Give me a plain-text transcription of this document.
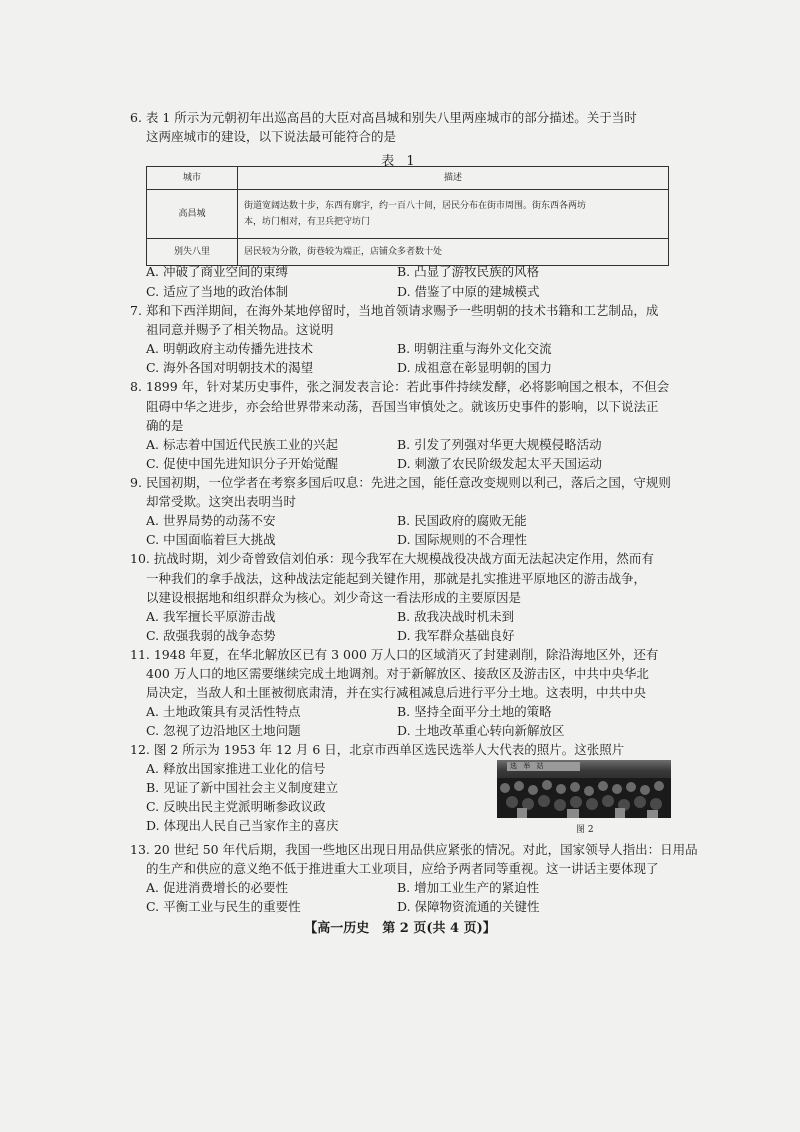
6. 表 1 所示为元朝初年出巡高昌的大臣对高昌城和别失八里两座城市的部分描述。关于当时
这两座城市的建设，以下说法最可能符合的是
表 1
城市	描述
高昌城	街道宽阔达数十步，东西有廓宇，约一百八十间，居民分布在街市周围。街东西各两坊
本，坊门相对，有卫兵把守坊门

别失八里	居民较为分散，街巷较为端正，店铺众多者数十处
A. 冲破了商业空间的束缚	B. 凸显了游牧民族的风格
C. 适应了当地的政治体制	D. 借鉴了中原的建城模式
7. 郑和下西洋期间，在海外某地停留时，当地首领请求赐予一些明朝的技术书籍和工艺制品，成
祖同意并赐予了相关物品。这说明
A. 明朝政府主动传播先进技术	B. 明朝注重与海外文化交流
C. 海外各国对明朝技术的渴望	D. 成祖意在彰显明朝的国力
8. 1899 年，针对某历史事件，张之洞发表言论：若此事件持续发酵，必将影响国之根本，不但会
阻碍中华之进步，亦会给世界带来动荡，吾国当审慎处之。就该历史事件的影响，以下说法正
确的是
A. 标志着中国近代民族工业的兴起	B. 引发了列强对华更大规模侵略活动
C. 促使中国先进知识分子开始觉醒	D. 刺激了农民阶级发起太平天国运动
9. 民国初期，一位学者在考察多国后叹息：先进之国，能任意改变规则以利己，落后之国，守规则
却常受欺。这突出表明当时
A. 世界局势的动荡不安	B. 民国政府的腐败无能
C. 中国面临着巨大挑战	D. 国际规则的不合理性
10. 抗战时期，刘少奇曾致信刘伯承：现今我军在大规模战役决战方面无法起决定作用，然而有
一种我们的拿手战法，这种战法定能起到关键作用，那就是扎实推进平原地区的游击战争，
以建设根据地和组织群众为核心。刘少奇这一看法形成的主要原因是
A. 我军擅长平原游击战	B. 敌我决战时机未到
C. 敌强我弱的战争态势	D. 我军群众基础良好
11. 1948 年夏，在华北解放区已有 3 000 万人口的区域消灭了封建剥削，除沿海地区外，还有
400 万人口的地区需要继续完成土地调剂。对于新解放区、接敌区及游击区，中共中央华北
局决定，当敌人和土匪被彻底肃清，并在实行减租减息后进行平分土地。这表明，中共中央
A. 土地政策具有灵活性特点	B. 坚持全面平分土地的策略
C. 忽视了边沿地区土地问题	D. 土地改革重心转向新解放区
12. 图 2 所示为 1953 年 12 月 6 日，北京市西单区选民选举人大代表的照片。这张照片
A. 释放出国家推进工业化的信号
B. 见证了新中国社会主义制度建立
C. 反映出民主党派明晰参政议政
D. 体现出人民自己当家作主的喜庆
选 举 站
图 2
13. 20 世纪 50 年代后期，我国一些地区出现日用品供应紧张的情况。对此，国家领导人指出：日用品
的生产和供应的意义绝不低于推进重大工业项目，应给予两者同等重视。这一讲话主要体现了
A. 促进消费增长的必要性	B. 增加工业生产的紧迫性
C. 平衡工业与民生的重要性	D. 保障物资流通的关键性
【高一历史　第 2 页(共 4 页)】
